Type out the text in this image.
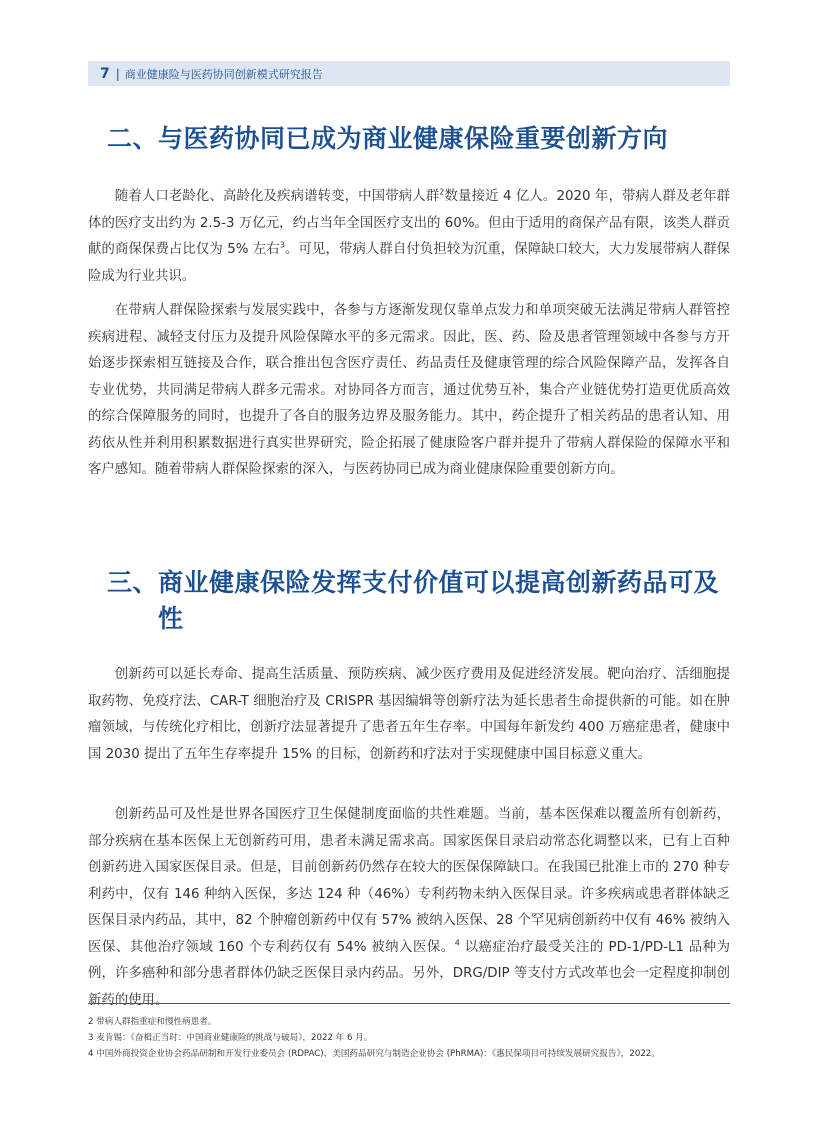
7 | 商业健康险与医药协同创新模式研究报告
二、与医药协同已成为商业健康保险重要创新方向

随着人口老龄化、高龄化及疾病谱转变，中国带病人群$^2$数量接近 4 亿人。2020 年，带病人群及老年群体的医疗支出约为 2.5-3 万亿元，约占当年全国医疗支出的 60%。但由于适用的商保产品有限，该类人群贡献的商保保费占比仅为 5% 左右$^3$。可见，带病人群自付负担较为沉重，保障缺口较大，大力发展带病人群保险成为行业共识。

在带病人群保险探索与发展实践中，各参与方逐渐发现仅靠单点发力和单项突破无法满足带病人群管控疾病进程、减轻支付压力及提升风险保障水平的多元需求。因此，医、药、险及患者管理领域中各参与方开始逐步探索相互链接及合作，联合推出包含医疗责任、药品责任及健康管理的综合风险保障产品，发挥各自专业优势，共同满足带病人群多元需求。对协同各方而言，通过优势互补，集合产业链优势打造更优质高效的综合保障服务的同时，也提升了各自的服务边界及服务能力。其中，药企提升了相关药品的患者认知、用药依从性并利用积累数据进行真实世界研究，险企拓展了健康险客户群并提升了带病人群保险的保障水平和客户感知。随着带病人群保险探索的深入，与医药协同已成为商业健康保险重要创新方向。

三、 商业健康保险发挥支付价值可以提高创新药品可及性

创新药可以延长寿命、提高生活质量、预防疾病、减少医疗费用及促进经济发展。靶向治疗、活细胞提取药物、免疫疗法、CAR-T 细胞治疗及 CRISPR 基因编辑等创新疗法为延长患者生命提供新的可能。如在肿瘤领域，与传统化疗相比，创新疗法显著提升了患者五年生存率。中国每年新发约 400 万癌症患者，健康中国 2030 提出了五年生存率提升 15% 的目标，创新药和疗法对于实现健康中国目标意义重大。

创新药品可及性是世界各国医疗卫生保健制度面临的共性难题。当前，基本医保难以覆盖所有创新药，部分疾病在基本医保上无创新药可用，患者未满足需求高。国家医保目录启动常态化调整以来，已有上百种创新药进入国家医保目录。但是，目前创新药仍然存在较大的医保保障缺口。在我国已批准上市的 270 种专利药中，仅有 146 种纳入医保，多达 124 种（46%）专利药物未纳入医保目录。许多疾病或患者群体缺乏医保目录内药品，其中，82 个肿瘤创新药中仅有 57% 被纳入医保、28 个罕见病创新药中仅有 46% 被纳入医保、其他治疗领域 160 个专利药仅有 54% 被纳入医保。$^4$ 以癌症治疗最受关注的 PD-1/PD-L1 品种为例，许多癌种和部分患者群体仍缺乏医保目录内药品。另外，DRG/DIP 等支付方式改革也会一定程度抑制创新药的使用。

2 带病人群指重症和慢性病患者。
3 麦肯锡：《奋楫正当时：中国商业健康险的挑战与破局》，2022 年 6 月。
4 中国外商投资企业协会药品研制和开发行业委员会 (RDPAC)、美国药品研究与制造企业协会 (PhRMA)：《惠民保项目可持续发展研究报告》，2022。
